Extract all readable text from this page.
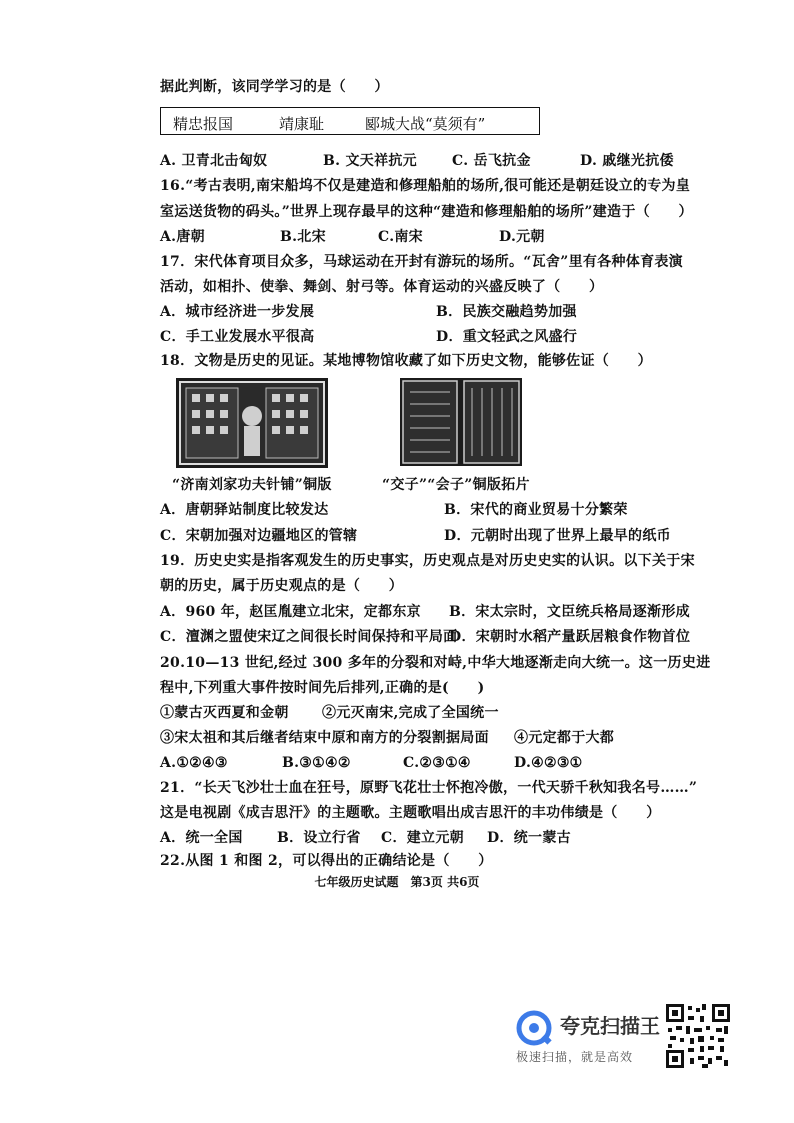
据此判断，该同学学习的是（　　）
精忠报国	靖康耻	郾城大战“莫须有”
A. 卫青北击匈奴	B. 文天祥抗元	C. 岳飞抗金	D. 戚继光抗倭
16.“考古表明,南宋船坞不仅是建造和修理船舶的场所,很可能还是朝廷设立的专为皇
室运送货物的码头。”世界上现存最早的这种“建造和修理船舶的场所”建造于（　　）
A.唐朝	B.北宋	C.南宋	D.元朝
17．宋代体育项目众多，马球运动在开封有游玩的场所。“瓦舍”里有各种体育表演
活动，如相扑、使拳、舞剑、射弓等。体育运动的兴盛反映了（　　）
A．城市经济进一步发展	B．民族交融趋势加强
C．手工业发展水平很高	D．重文轻武之风盛行
18．文物是历史的见证。某地博物馆收藏了如下历史文物，能够佐证（　　）
“济南刘家功夫针铺”铜版	“交子”“会子”铜版拓片
A．唐朝驿站制度比较发达	B．宋代的商业贸易十分繁荣
C．宋朝加强对边疆地区的管辖	D．元朝时出现了世界上最早的纸币
19．历史史实是指客观发生的历史事实，历史观点是对历史史实的认识。以下关于宋
朝的历史，属于历史观点的是（　　）
A．960 年，赵匡胤建立北宋，定都东京 B．宋太宗时，文臣统兵格局逐渐形成
C．澶渊之盟使宋辽之间很长时间保持和平局面
D．宋朝时水稻产量跃居粮食作物首位
20.10—13 世纪,经过 300 多年的分裂和对峙,中华大地逐渐走向大统一。这一历史进
程中,下列重大事件按时间先后排列,正确的是(　　)
①蒙古灭西夏和金朝 ②元灭南宋,完成了全国统一
③宋太祖和其后继者结束中原和南方的分裂割据局面 ④元定都于大都
A.①②④③	B.③①④②	C.②③①④	D.④②③①
21．“长天飞沙壮士血在狂号，原野飞花壮士怀抱冷傲，一代天骄千秋知我名号……”
这是电视剧《成吉思汗》的主题歌。主题歌唱出成吉思汗的丰功伟绩是（　　）
A．统一全国 B．设立行省 C．建立元朝 D．统一蒙古
22.从图 1 和图 2，可以得出的正确结论是（　　）
七年级历史试题　第3页 共6页
夸克扫描王
极速扫描，就是高效
